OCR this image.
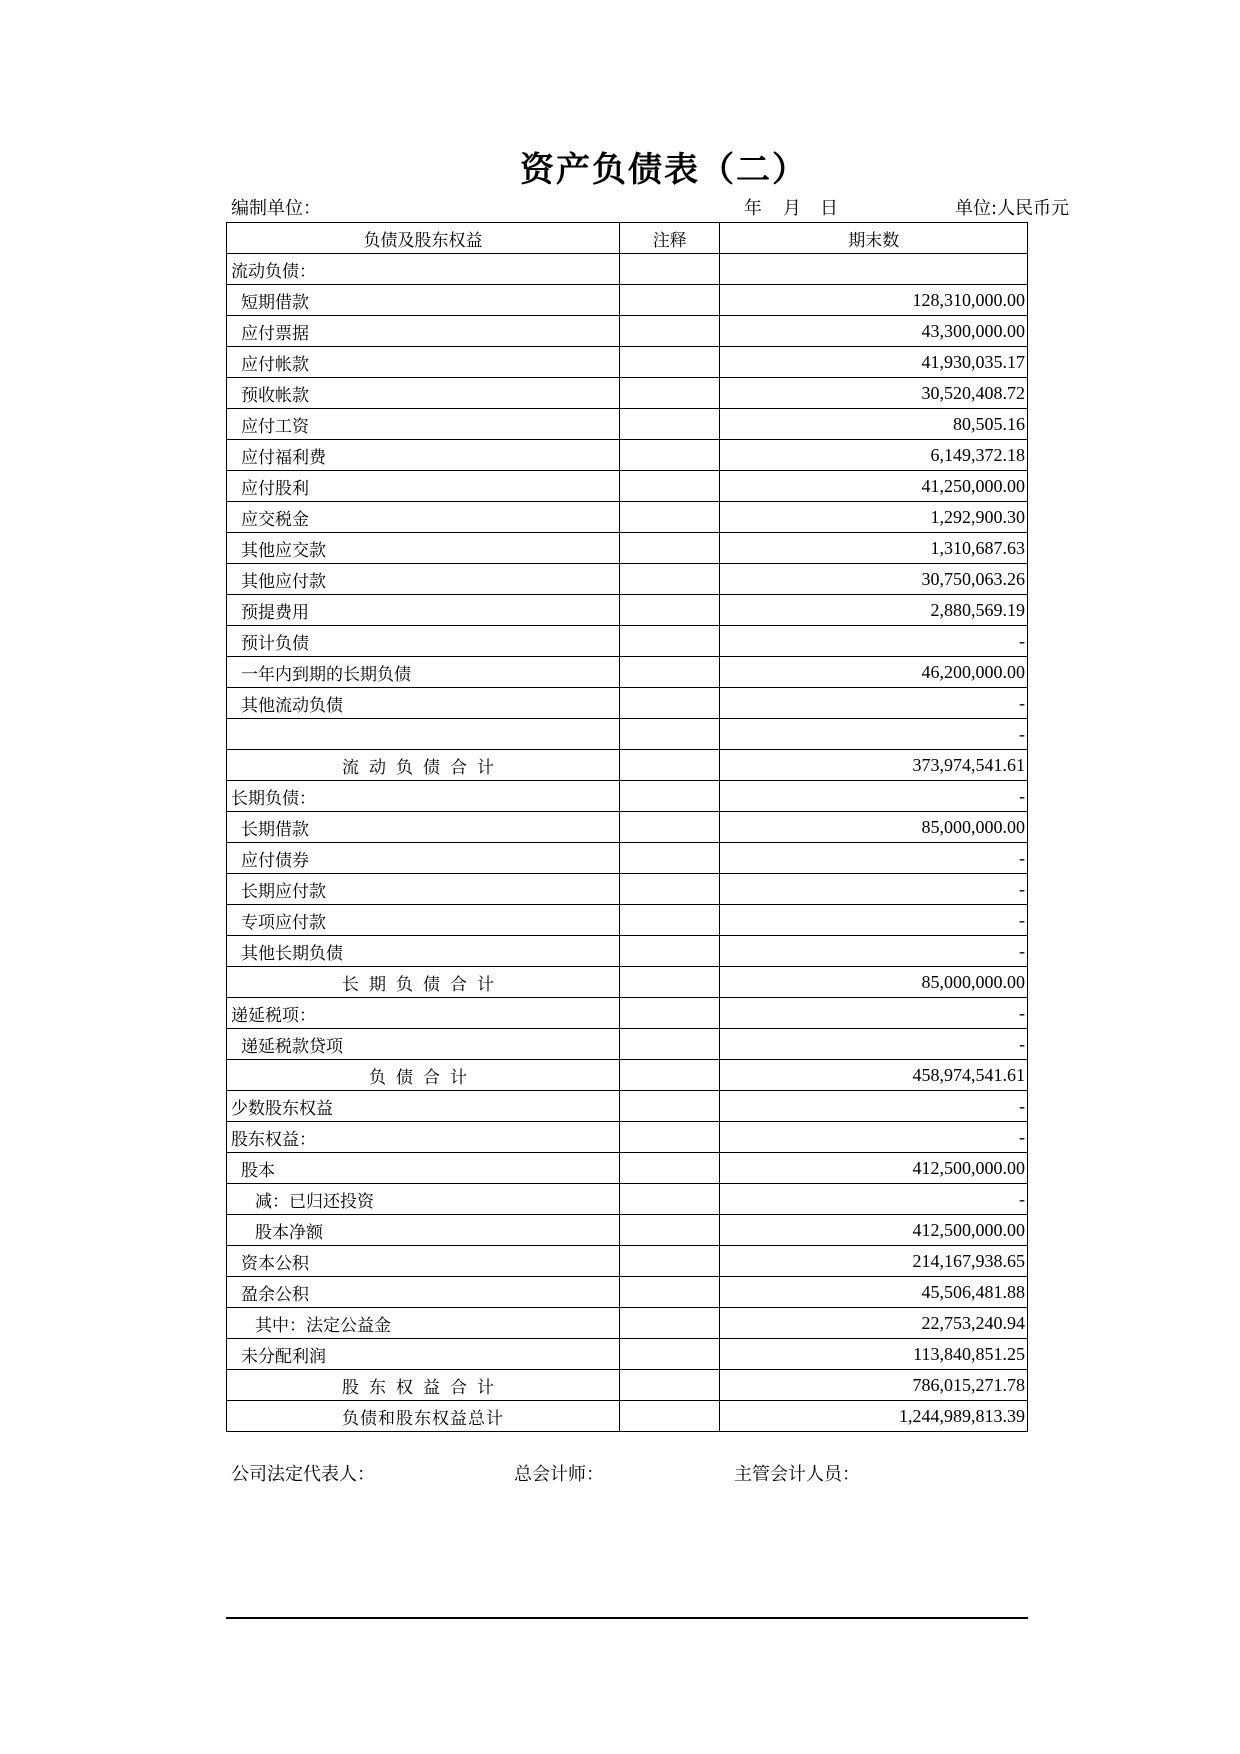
资产负债表（二）
编制单位：	年 月 日	单位:人民币元
负债及股东权益	注释	期末数
流动负债：		
短期借款		128,310,000.00
应付票据		43,300,000.00
应付帐款		41,930,035.17
预收帐款		30,520,408.72
应付工资		80,505.16
应付福利费		6,149,372.18
应付股利		41,250,000.00
应交税金		1,292,900.30
其他应交款		1,310,687.63
其他应付款		30,750,063.26
预提费用		2,880,569.19
预计负债		-
一年内到期的长期负债		46,200,000.00
其他流动负债		-
		-
流动负债合计		373,974,541.61
长期负债：		-
长期借款		85,000,000.00
应付债券		-
长期应付款		-
专项应付款		-
其他长期负债		-
长期负债合计		85,000,000.00
递延税项：		-
递延税款贷项		-
负债合计		458,974,541.61
少数股东权益		-
股东权益：		-
股本		412,500,000.00
减：已归还投资		-
股本净额		412,500,000.00
资本公积		214,167,938.65
盈余公积		45,506,481.88
其中：法定公益金		22,753,240.94
未分配利润		113,840,851.25
股东权益合计		786,015,271.78
负债和股东权益总计		1,244,989,813.39
公司法定代表人：	总会计师：	主管会计人员：
